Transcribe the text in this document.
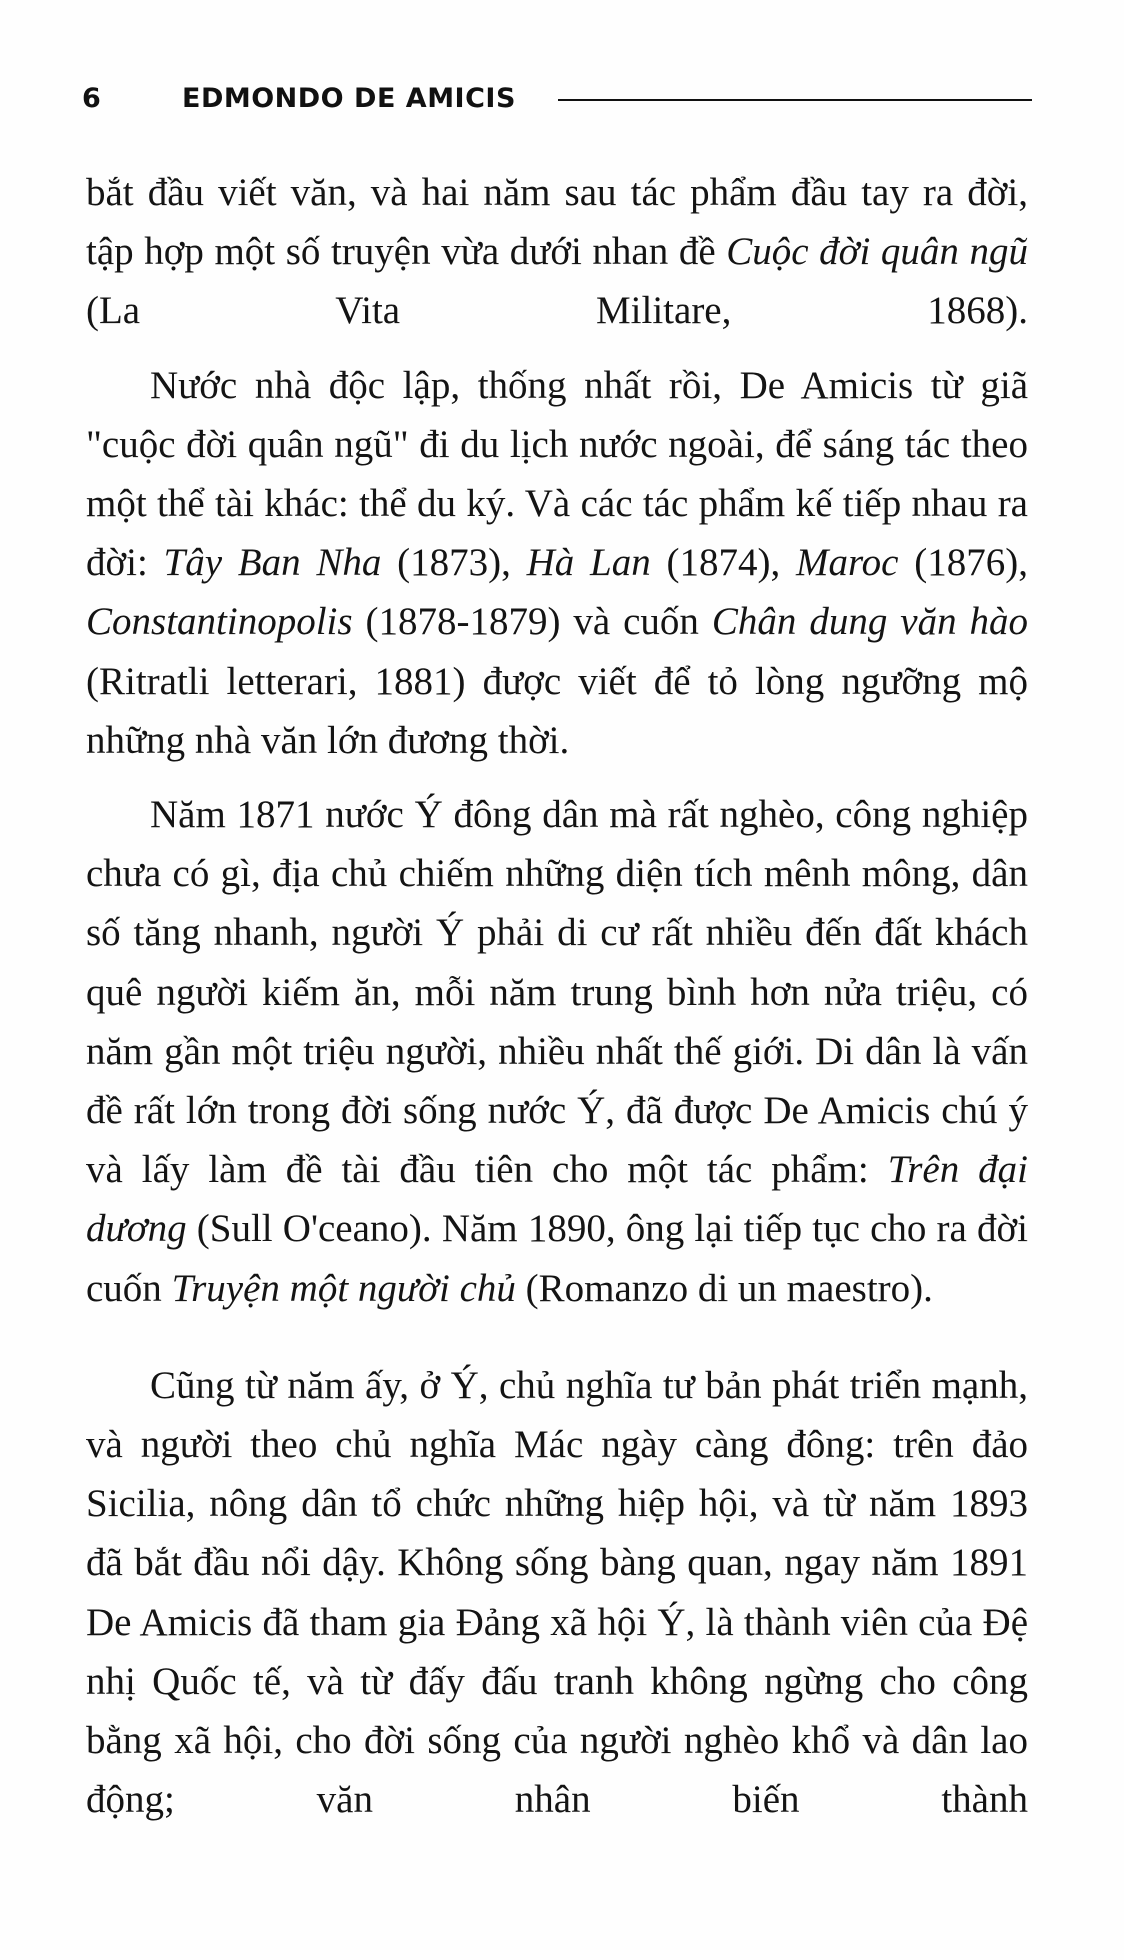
6	EDMONDO DE AMICIS

bắt đầu viết văn, và hai năm sau tác phẩm đầu tay ra đời, tập hợp một số truyện vừa dưới nhan đề Cuộc đời quân ngũ (La Vita Militare, 1868).

Nước nhà độc lập, thống nhất rồi, De Amicis từ giã "cuộc đời quân ngũ" đi du lịch nước ngoài, để sáng tác theo một thể tài khác: thể du ký. Và các tác phẩm kế tiếp nhau ra đời: Tây Ban Nha (1873), Hà Lan (1874), Maroc (1876), Constantinopolis (1878-1879) và cuốn Chân dung văn hào (Ritratli letterari, 1881) được viết để tỏ lòng ngưỡng mộ những nhà văn lớn đương thời.

Năm 1871 nước Ý đông dân mà rất nghèo, công nghiệp chưa có gì, địa chủ chiếm những diện tích mênh mông, dân số tăng nhanh, người Ý phải di cư rất nhiều đến đất khách quê người kiếm ăn, mỗi năm trung bình hơn nửa triệu, có năm gần một triệu người, nhiều nhất thế giới. Di dân là vấn đề rất lớn trong đời sống nước Ý, đã được De Amicis chú ý và lấy làm đề tài đầu tiên cho một tác phẩm: Trên đại dương (Sull O'ceano). Năm 1890, ông lại tiếp tục cho ra đời cuốn Truyện một người chủ (Romanzo di un maestro).

Cũng từ năm ấy, ở Ý, chủ nghĩa tư bản phát triển mạnh, và người theo chủ nghĩa Mác ngày càng đông: trên đảo Sicilia, nông dân tổ chức những hiệp hội, và từ năm 1893 đã bắt đầu nổi dậy. Không sống bàng quan, ngay năm 1891 De Amicis đã tham gia Đảng xã hội Ý, là thành viên của Đệ nhị Quốc tế, và từ đấy đấu tranh không ngừng cho công bằng xã hội, cho đời sống của người nghèo khổ và dân lao động; văn nhân biến thành
